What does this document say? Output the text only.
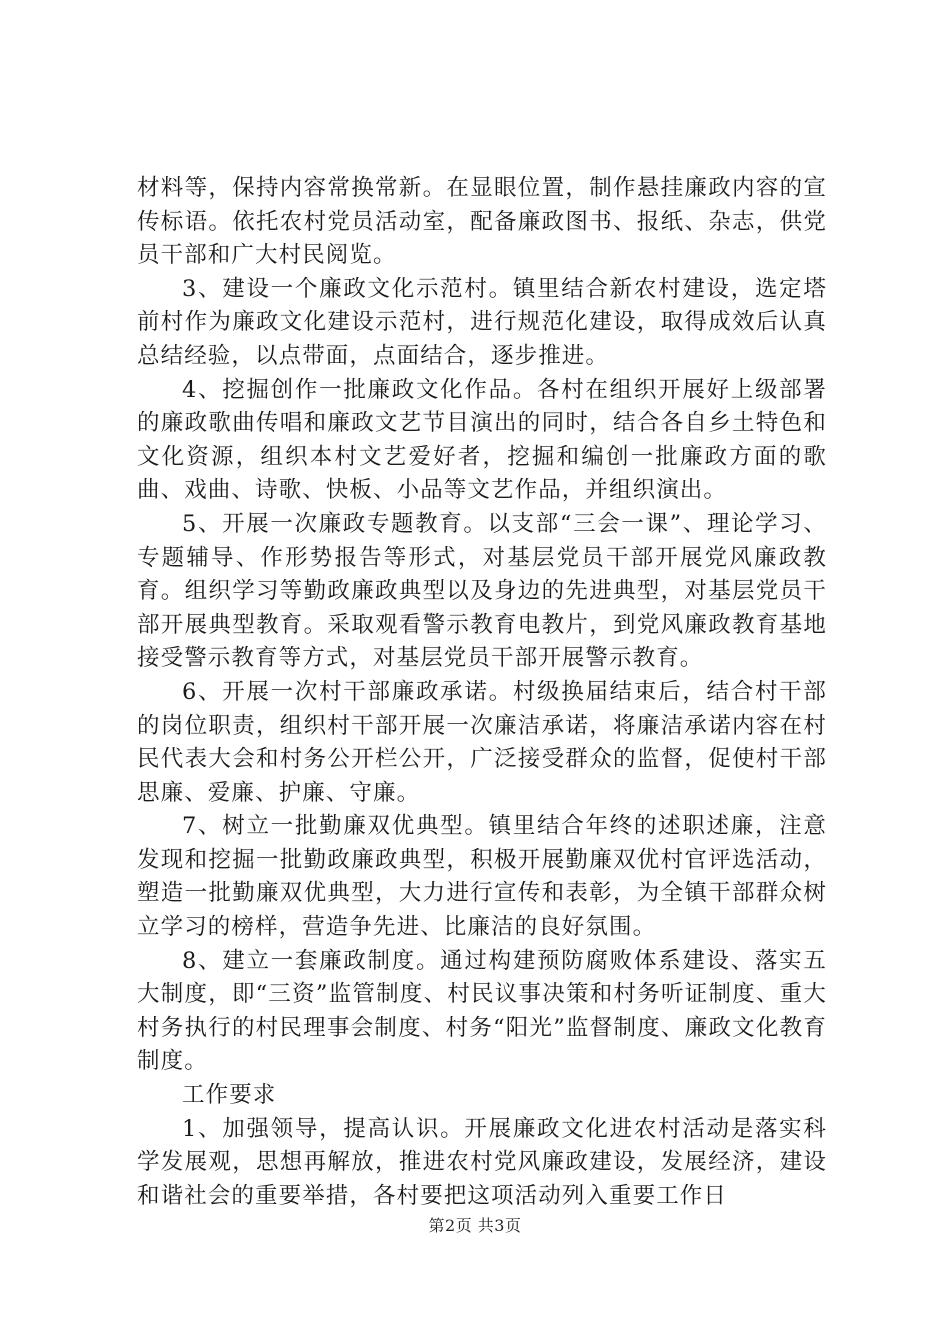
材料等，保持内容常换常新。在显眼位置，制作悬挂廉政内容的宣传标语。依托农村党员活动室，配备廉政图书、报纸、杂志，供党员干部和广大村民阅览。

3、建设一个廉政文化示范村。镇里结合新农村建设，选定塔前村作为廉政文化建设示范村，进行规范化建设，取得成效后认真总结经验，以点带面，点面结合，逐步推进。

4、挖掘创作一批廉政文化作品。各村在组织开展好上级部署的廉政歌曲传唱和廉政文艺节目演出的同时，结合各自乡土特色和文化资源，组织本村文艺爱好者，挖掘和编创一批廉政方面的歌曲、戏曲、诗歌、快板、小品等文艺作品，并组织演出。

5、开展一次廉政专题教育。以支部“三会一课”、理论学习、专题辅导、作形势报告等形式，对基层党员干部开展党风廉政教育。组织学习等勤政廉政典型以及身边的先进典型，对基层党员干部开展典型教育。采取观看警示教育电教片，到党风廉政教育基地接受警示教育等方式，对基层党员干部开展警示教育。

6、开展一次村干部廉政承诺。村级换届结束后，结合村干部的岗位职责，组织村干部开展一次廉洁承诺，将廉洁承诺内容在村民代表大会和村务公开栏公开，广泛接受群众的监督，促使村干部思廉、爱廉、护廉、守廉。

7、树立一批勤廉双优典型。镇里结合年终的述职述廉，注意发现和挖掘一批勤政廉政典型，积极开展勤廉双优村官评选活动，塑造一批勤廉双优典型，大力进行宣传和表彰，为全镇干部群众树立学习的榜样，营造争先进、比廉洁的良好氛围。

8、建立一套廉政制度。通过构建预防腐败体系建设、落实五大制度，即“三资”监管制度、村民议事决策和村务听证制度、重大村务执行的村民理事会制度、村务“阳光”监督制度、廉政文化教育制度。

工作要求

1、加强领导，提高认识。开展廉政文化进农村活动是落实科学发展观，思想再解放，推进农村党风廉政建设，发展经济，建设和谐社会的重要举措，各村要把这项活动列入重要工作日

第2页 共3页
